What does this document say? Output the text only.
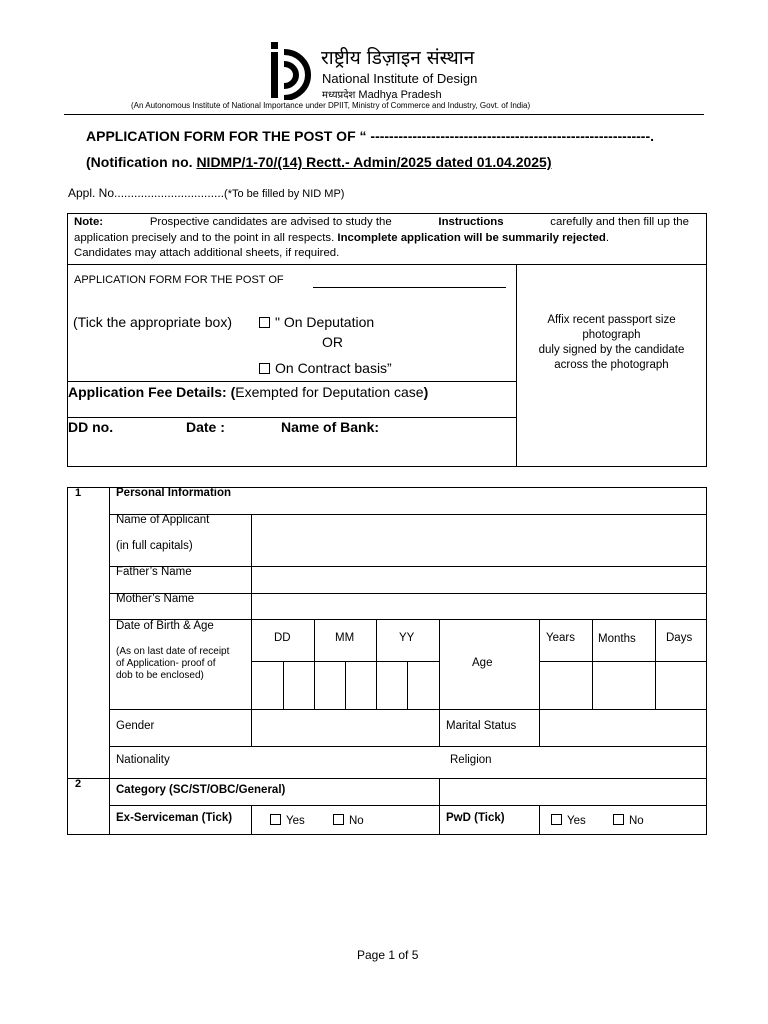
राष्ट्रीय डिज़ाइन संस्थान
National Institute of Design
मध्यप्रदेश Madhya Pradesh
(An Autonomous Institute of National Importance under DPIIT, Ministry of Commerce and Industry, Govt. of India)
APPLICATION FORM FOR THE POST OF “ ------------------------------------------------------------.
(Notification no. NIDMP/1-70/(14) Rectt.- Admin/2025 dated 01.04.2025)
Appl. No.................................(*To be filled by NID MP)
Note:	Prospective candidates are advised to study the	Instructions	carefully and then fill up the
application precisely and to the point in all respects. Incomplete application will be summarily rejected.
Candidates may attach additional sheets, if required.
APPLICATION FORM FOR THE POST OF
(Tick the appropriate box)	" On Deputation
OR
On Contract basis”
Application Fee Details: (Exempted for Deputation case)
DD no.	Date :	Name of Bank:
Affix recent passport size
photograph
duly signed by the candidate
across the photograph
1	Personal Information
Name of Applicant
(in full capitals)
Father’s Name
Mother’s Name
Date of Birth & Age
(As on last date of receipt
of Application- proof of
dob to be enclosed)
DD	MM	YY
Age
Years Months	Days
Gender	Marital Status
Nationality	Religion
2	Category (SC/ST/OBC/General)
Ex-Serviceman (Tick)	Yes	No	PwD (Tick)	Yes	No
Page 1 of 5
